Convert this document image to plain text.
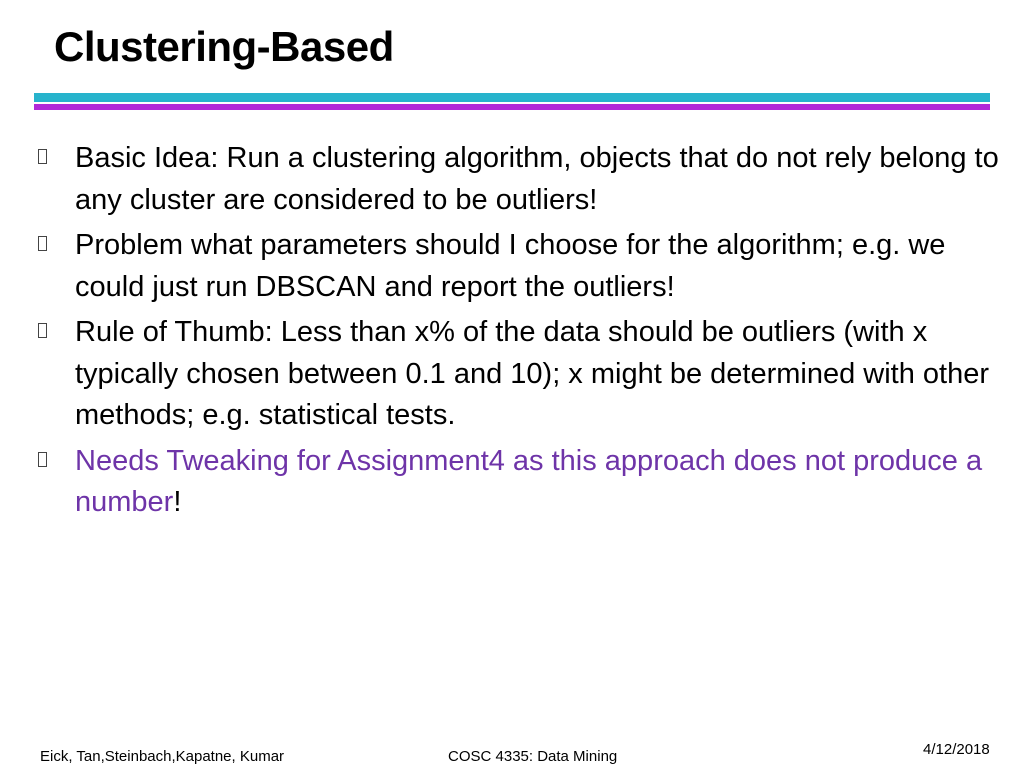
Clustering-Based
Basic Idea: Run a clustering algorithm, objects that do not rely belong to any cluster are considered to be outliers!
Problem what parameters should I choose for the algorithm; e.g. we could just run DBSCAN and report the outliers!
Rule of Thumb: Less than x% of the data should be outliers (with x typically chosen between 0.1 and 10); x might be determined with other methods; e.g. statistical tests.
Needs Tweaking for Assignment4 as this approach does not produce a number!
Eick, Tan,Steinbach,Kapatne, Kumar	COSC 4335: Data Mining	4/12/2018
